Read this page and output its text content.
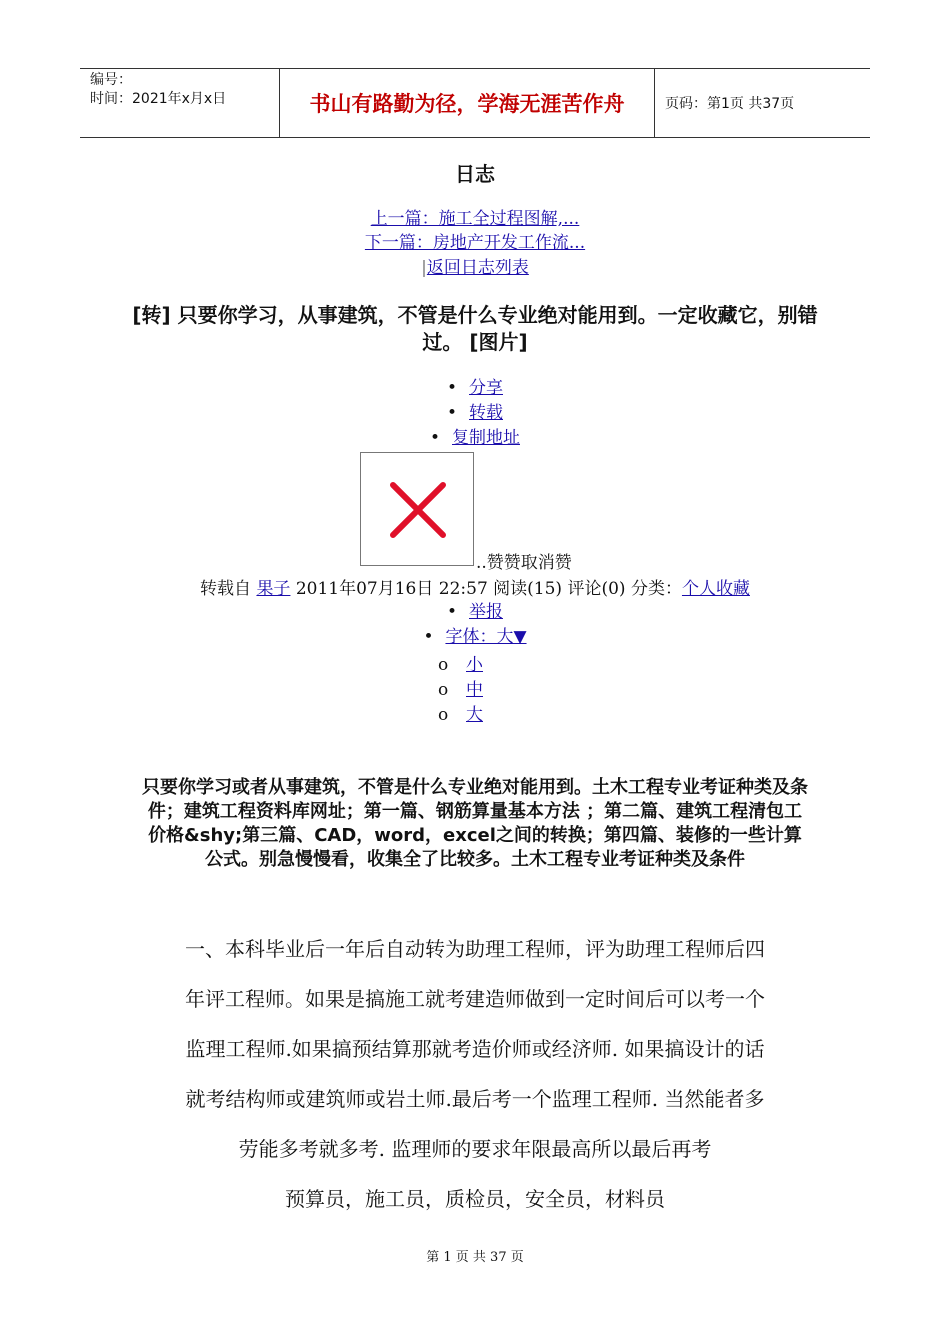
编号：
时间：2021年x月x日	书山有路勤为径，学海无涯苦作舟	页码：第1页 共37页
日志
上一篇：施工全过程图解,...
下一篇：房地产开发工作流...
|返回日志列表
[转] 只要你学习，从事建筑，不管是什么专业绝对能用到。一定收藏它，别错过。 [图片]
• 分享
• 转载
• 复制地址
..赞赞取消赞
转载自 果子 2011年07月16日 22:57 阅读(15) 评论(0) 分类：个人收藏
• 举报
• 字体：大▼
o 小
o 中
o 大
只要你学习或者从事建筑，不管是什么专业绝对能用到。土木工程专业考证种类及条件；建筑工程资料库网址；第一篇、钢筋算量基本方法 ；第二篇、建筑工程清包工价格&shy;第三篇、CAD，word，excel之间的转换；第四篇、装修的一些计算公式。别急慢慢看，收集全了比较多。土木工程专业考证种类及条件
一、本科毕业后一年后自动转为助理工程师，评为助理工程师后四
年评工程师。如果是搞施工就考建造师做到一定时间后可以考一个
监理工程师.如果搞预结算那就考造价师或经济师. 如果搞设计的话
就考结构师或建筑师或岩土师.最后考一个监理工程师. 当然能者多
劳能多考就多考. 监理师的要求年限最高所以最后再考
预算员，施工员，质检员，安全员，材料员
第 1 页 共 37 页
